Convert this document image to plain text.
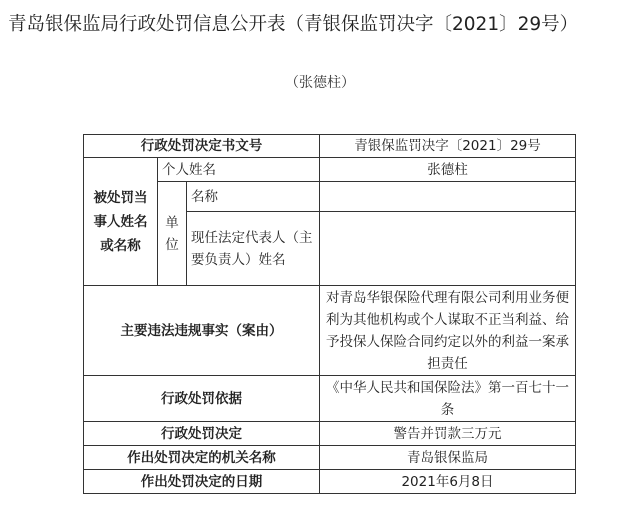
青岛银保监局行政处罚信息公开表（青银保监罚决字〔2021〕29号）
（张德柱）
行政处罚决定书文号			青银保监罚决字〔2021〕29号
被处罚当事人姓名或名称	个人姓名		张德柱
	单位	名称	
		现任法定代表人（主要负责人）姓名	
主要违法违规事实（案由）			对青岛华银保险代理有限公司利用业务便利为其他机构或个人谋取不正当利益、给予投保人保险合同约定以外的利益一案承担责任
行政处罚依据			《中华人民共和国保险法》第一百七十一条
行政处罚决定			警告并罚款三万元
作出处罚决定的机关名称			青岛银保监局
作出处罚决定的日期			2021年6月8日
